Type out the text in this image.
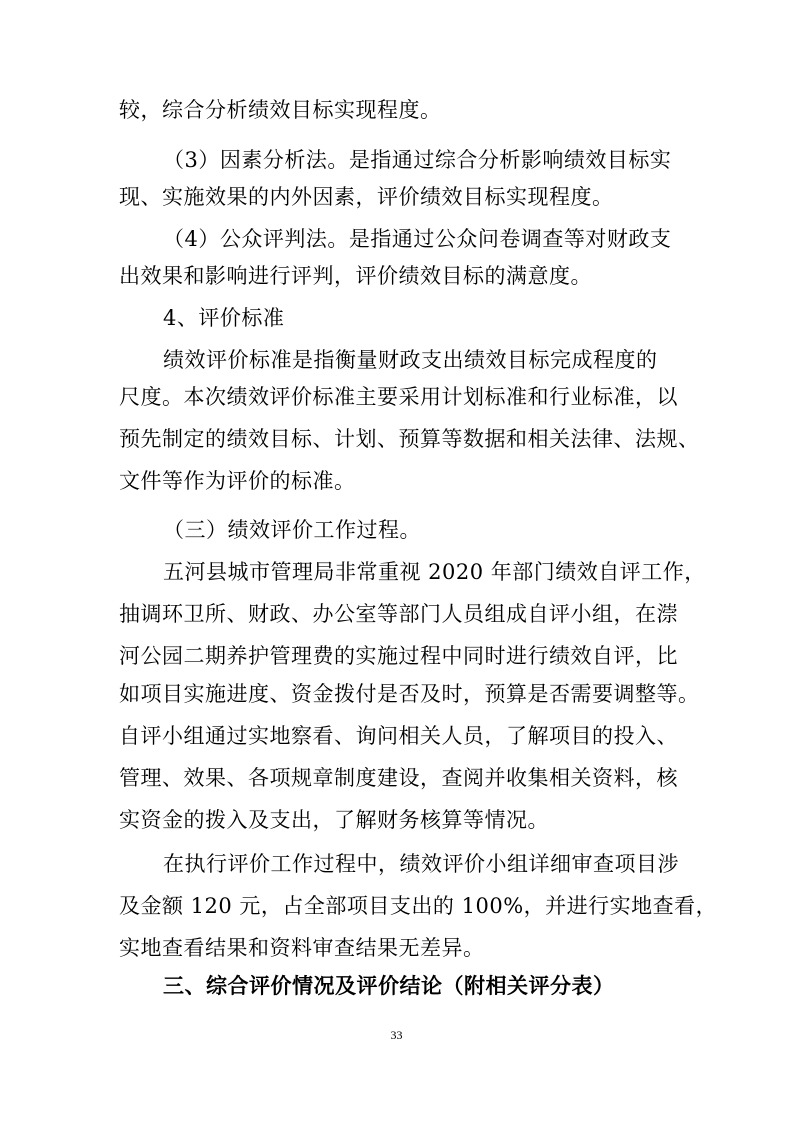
较，综合分析绩效目标实现程度。
（3）因素分析法。是指通过综合分析影响绩效目标实
现、实施效果的内外因素，评价绩效目标实现程度。
（4）公众评判法。是指通过公众问卷调查等对财政支
出效果和影响进行评判，评价绩效目标的满意度。
4、评价标准
绩效评价标准是指衡量财政支出绩效目标完成程度的
尺度。本次绩效评价标准主要采用计划标准和行业标准，以
预先制定的绩效目标、计划、预算等数据和相关法律、法规、
文件等作为评价的标准。
（三）绩效评价工作过程。
五河县城市管理局非常重视 2020 年部门绩效自评工作，
抽调环卫所、财政、办公室等部门人员组成自评小组，在漴
河公园二期养护管理费的实施过程中同时进行绩效自评，比
如项目实施进度、资金拨付是否及时，预算是否需要调整等。
自评小组通过实地察看、询问相关人员，了解项目的投入、
管理、效果、各项规章制度建设，查阅并收集相关资料，核
实资金的拨入及支出，了解财务核算等情况。
在执行评价工作过程中，绩效评价小组详细审查项目涉
及金额 120 元，占全部项目支出的 100%，并进行实地查看，
实地查看结果和资料审查结果无差异。
三、综合评价情况及评价结论（附相关评分表）
33
